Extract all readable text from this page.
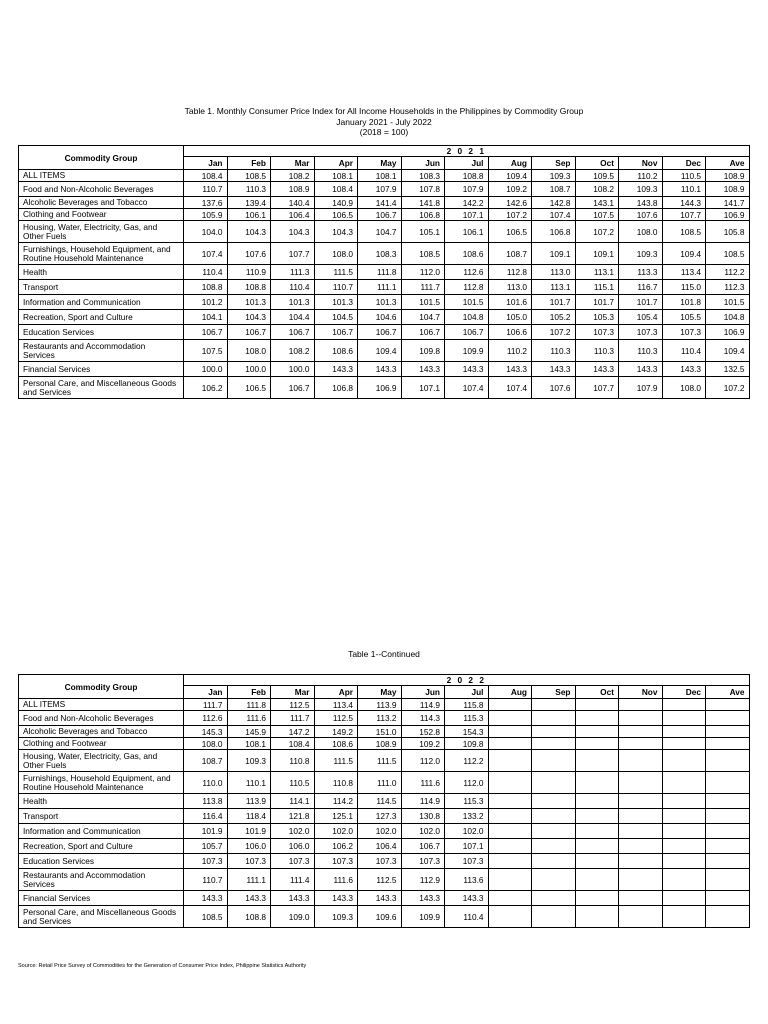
Table 1. Monthly Consumer Price Index for All Income Households in the Philippines by Commodity Group
January 2021 - July 2022
(2018 = 100)
Commodity Group	2 0 2 1												
	Jan	Feb	Mar	Apr	May	Jun	Jul	Aug	Sep	Oct	Nov	Dec	Ave
ALL ITEMS	108.4	108.5	108.2	108.1	108.1	108.3	108.8	109.4	109.3	109.5	110.2	110.5	108.9
Food and Non-Alcoholic Beverages	110.7	110.3	108.9	108.4	107.9	107.8	107.9	109.2	108.7	108.2	109.3	110.1	108.9
Alcoholic Beverages and Tobacco	137.6	139.4	140.4	140.9	141.4	141.8	142.2	142.6	142.8	143.1	143.8	144.3	141.7
Clothing and Footwear	105.9	106.1	106.4	106.5	106.7	106.8	107.1	107.2	107.4	107.5	107.6	107.7	106.9
Housing, Water, Electricity, Gas, and Other Fuels	104.0	104.3	104.3	104.3	104.7	105.1	106.1	106.5	106.8	107.2	108.0	108.5	105.8
Furnishings, Household Equipment, and Routine Household Maintenance	107.4	107.6	107.7	108.0	108.3	108.5	108.6	108.7	109.1	109.1	109.3	109.4	108.5
Health	110.4	110.9	111.3	111.5	111.8	112.0	112.6	112.8	113.0	113.1	113.3	113.4	112.2
Transport	108.8	108.8	110.4	110.7	111.1	111.7	112.8	113.0	113.1	115.1	116.7	115.0	112.3
Information and Communication	101.2	101.3	101.3	101.3	101.3	101.5	101.5	101.6	101.7	101.7	101.7	101.8	101.5
Recreation, Sport and Culture	104.1	104.3	104.4	104.5	104.6	104.7	104.8	105.0	105.2	105.3	105.4	105.5	104.8
Education Services	106.7	106.7	106.7	106.7	106.7	106.7	106.7	106.6	107.2	107.3	107.3	107.3	106.9
Restaurants and Accommodation Services	107.5	108.0	108.2	108.6	109.4	109.8	109.9	110.2	110.3	110.3	110.3	110.4	109.4
Financial Services	100.0	100.0	100.0	143.3	143.3	143.3	143.3	143.3	143.3	143.3	143.3	143.3	132.5
Personal Care, and Miscellaneous Goods and Services	106.2	106.5	106.7	106.8	106.9	107.1	107.4	107.4	107.6	107.7	107.9	108.0	107.2
Table 1--Continued
Commodity Group	2 0 2 2												
	Jan	Feb	Mar	Apr	May	Jun	Jul	Aug	Sep	Oct	Nov	Dec	Ave
ALL ITEMS	111.7	111.8	112.5	113.4	113.9	114.9	115.8						
Food and Non-Alcoholic Beverages	112.6	111.6	111.7	112.5	113.2	114.3	115.3						
Alcoholic Beverages and Tobacco	145.3	145.9	147.2	149.2	151.0	152.8	154.3						
Clothing and Footwear	108.0	108.1	108.4	108.6	108.9	109.2	109.8						
Housing, Water, Electricity, Gas, and Other Fuels	108.7	109.3	110.8	111.5	111.5	112.0	112.2						
Furnishings, Household Equipment, and Routine Household Maintenance	110.0	110.1	110.5	110.8	111.0	111.6	112.0						
Health	113.8	113.9	114.1	114.2	114.5	114.9	115.3						
Transport	116.4	118.4	121.8	125.1	127.3	130.8	133.2						
Information and Communication	101.9	101.9	102.0	102.0	102.0	102.0	102.0						
Recreation, Sport and Culture	105.7	106.0	106.0	106.2	106.4	106.7	107.1						
Education Services	107.3	107.3	107.3	107.3	107.3	107.3	107.3						
Restaurants and Accommodation Services	110.7	111.1	111.4	111.6	112.5	112.9	113.6						
Financial Services	143.3	143.3	143.3	143.3	143.3	143.3	143.3						
Personal Care, and Miscellaneous Goods and Services	108.5	108.8	109.0	109.3	109.6	109.9	110.4						
Source: Retail Price Survey of Commodities for the Generation of Consumer Price Index, Philippine Statistics Authority
